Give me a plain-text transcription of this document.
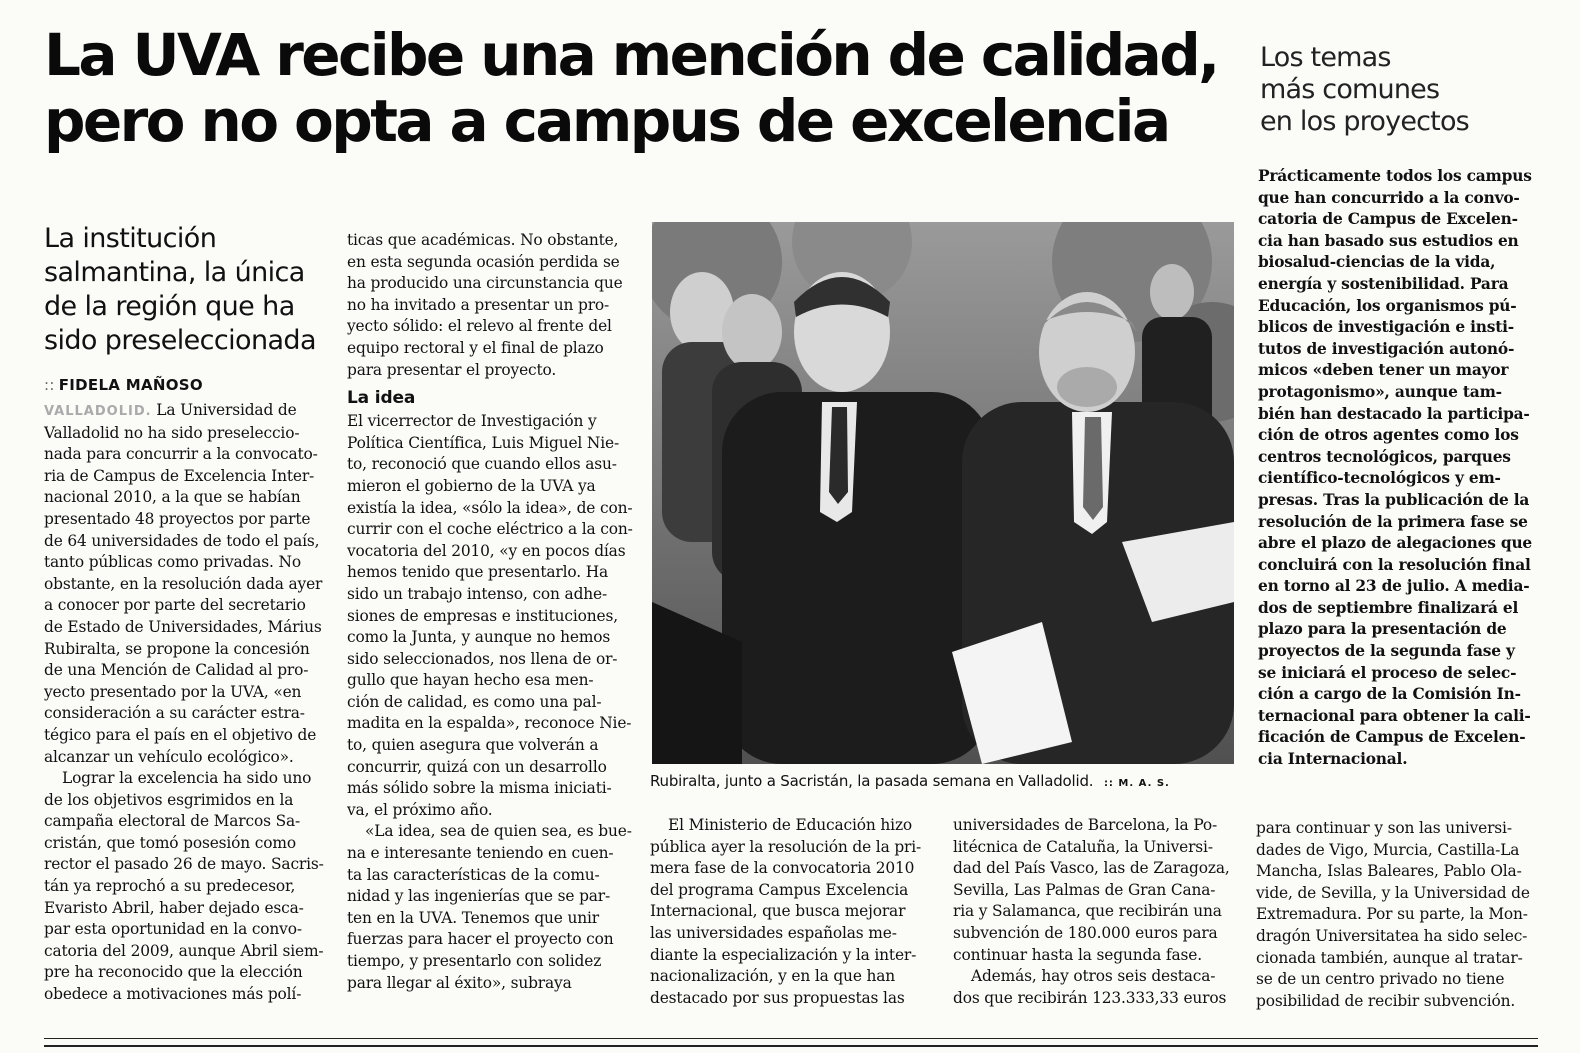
La UVA recibe una mención de calidad,
pero no opta a campus de excelencia
Los temas
más comunes
en los proyectos
La institución
salmantina, la única
de la región que ha
sido preseleccionada
:: FIDELA MAÑOSO
VALLADOLID. La Universidad de
Valladolid no ha sido preseleccio-
nada para concurrir a la convocato-
ria de Campus de Excelencia Inter-
nacional 2010, a la que se habían
presentado 48 proyectos por parte
de 64 universidades de todo el país,
tanto públicas como privadas. No
obstante, en la resolución dada ayer
a conocer por parte del secretario
de Estado de Universidades, Márius
Rubiralta, se propone la concesión
de una Mención de Calidad al pro-
yecto presentado por la UVA, «en
consideración a su carácter estra-
tégico para el país en el objetivo de
alcanzar un vehículo ecológico».
Lograr la excelencia ha sido uno
de los objetivos esgrimidos en la
campaña electoral de Marcos Sa-
cristán, que tomó posesión como
rector el pasado 26 de mayo. Sacris-
tán ya reprochó a su predecesor,
Evaristo Abril, haber dejado esca-
par esta oportunidad en la convo-
catoria del 2009, aunque Abril siem-
pre ha reconocido que la elección
obedece a motivaciones más polí-
ticas que académicas. No obstante,
en esta segunda ocasión perdida se
ha producido una circunstancia que
no ha invitado a presentar un pro-
yecto sólido: el relevo al frente del
equipo rectoral y el final de plazo
para presentar el proyecto.
La idea
El vicerrector de Investigación y
Política Científica, Luis Miguel Nie-
to, reconoció que cuando ellos asu-
mieron el gobierno de la UVA ya
existía la idea, «sólo la idea», de con-
currir con el coche eléctrico a la con-
vocatoria del 2010, «y en pocos días
hemos tenido que presentarlo. Ha
sido un trabajo intenso, con adhe-
siones de empresas e instituciones,
como la Junta, y aunque no hemos
sido seleccionados, nos llena de or-
gullo que hayan hecho esa men-
ción de calidad, es como una pal-
madita en la espalda», reconoce Nie-
to, quien asegura que volverán a
concurrir, quizá con un desarrollo
más sólido sobre la misma iniciati-
va, el próximo año.
«La idea, sea de quien sea, es bue-
na e interesante teniendo en cuen-
ta las características de la comu-
nidad y las ingenierías que se par-
ten en la UVA. Tenemos que unir
fuerzas para hacer el proyecto con
tiempo, y presentarlo con solidez
para llegar al éxito», subraya
Rubiralta, junto a Sacristán, la pasada semana en Valladolid. :: M. A. S.
Prácticamente todos los campus
que han concurrido a la convo-
catoria de Campus de Excelen-
cia han basado sus estudios en
biosalud-ciencias de la vida,
energía y sostenibilidad. Para
Educación, los organismos pú-
blicos de investigación e insti-
tutos de investigación autonó-
micos «deben tener un mayor
protagonismo», aunque tam-
bién han destacado la participa-
ción de otros agentes como los
centros tecnológicos, parques
científico-tecnológicos y em-
presas. Tras la publicación de la
resolución de la primera fase se
abre el plazo de alegaciones que
concluirá con la resolución final
en torno al 23 de julio. A media-
dos de septiembre finalizará el
plazo para la presentación de
proyectos de la segunda fase y
se iniciará el proceso de selec-
ción a cargo de la Comisión In-
ternacional para obtener la cali-
ficación de Campus de Excelen-
cia Internacional.
El Ministerio de Educación hizo
pública ayer la resolución de la pri-
mera fase de la convocatoria 2010
del programa Campus Excelencia
Internacional, que busca mejorar
las universidades españolas me-
diante la especialización y la inter-
nacionalización, y en la que han
destacado por sus propuestas las
universidades de Barcelona, la Po-
litécnica de Cataluña, la Universi-
dad del País Vasco, las de Zaragoza,
Sevilla, Las Palmas de Gran Cana-
ria y Salamanca, que recibirán una
subvención de 180.000 euros para
continuar hasta la segunda fase.
Además, hay otros seis destaca-
dos que recibirán 123.333,33 euros
para continuar y son las universi-
dades de Vigo, Murcia, Castilla-La
Mancha, Islas Baleares, Pablo Ola-
vide, de Sevilla, y la Universidad de
Extremadura. Por su parte, la Mon-
dragón Universitatea ha sido selec-
cionada también, aunque al tratar-
se de un centro privado no tiene
posibilidad de recibir subvención.
